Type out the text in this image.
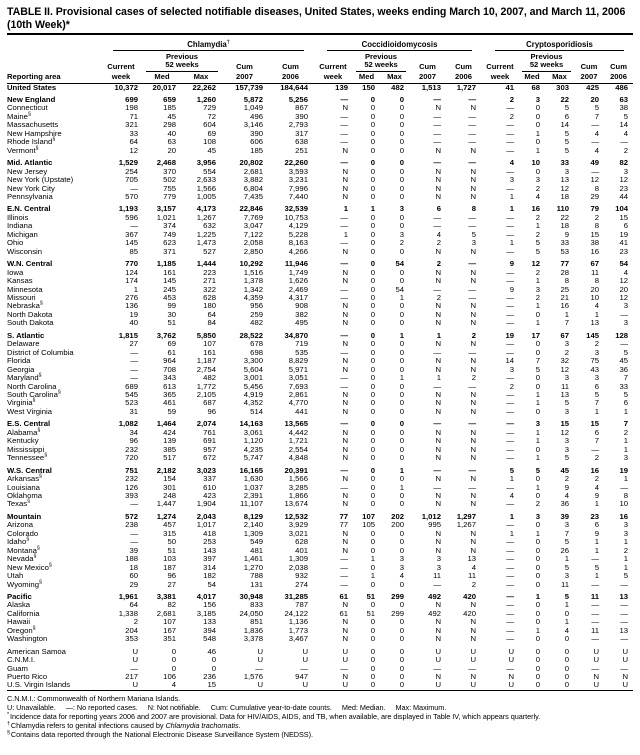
TABLE II. Provisional cases of selected notifiable diseases, United States, weeks ending March 10, 2007, and March 11, 2006
(10th Week)*

	Chlamydia†					Coccidioidomycosis					Cryptosporidiosis				

		Previous					Previous					Previous			
	Current	52 weeks		Cum	Cum	Current	52 weeks		Cum	Cum	Current	52 weeks		Cum	Cum
Reporting area	week	Med	Max	2007	2006	week	Med	Max	2007	2006	week	Med	Max	2007	2006
United States	10,372	20,017	22,262	157,739	184,644	139	150	482	1,513	1,727	41	68	303	425	486

New England	699	659	1,260	5,872	5,256	—	0	0	—	—	2	3	22	20	63
Connecticut	198	185	729	1,049	867	N	0	0	N	N	—	0	5	5	38
Maine§	71	45	72	496	390	—	0	0	—	—	2	0	6	7	5
Massachusetts	321	298	604	3,146	2,793	—	0	0	—	—	—	0	14	—	14
New Hampshire	33	40	69	390	317	—	0	0	—	—	—	1	5	4	4
Rhode Island§	64	63	108	606	638	—	0	0	—	—	—	0	5	—	—
Vermont§	12	20	45	185	251	N	0	0	N	N	—	1	5	4	2

Mid. Atlantic	1,529	2,468	3,956	20,802	22,260	—	0	0	—	—	4	10	33	49	82
New Jersey	254	370	554	2,681	3,593	N	0	0	N	N	—	0	3	—	3
New York (Upstate)	705	502	2,633	3,882	3,231	N	0	0	N	N	3	3	13	12	12
New York City	—	755	1,566	6,804	7,996	N	0	0	N	N	—	2	12	8	23
Pennsylvania	570	779	1,005	7,435	7,440	N	0	0	N	N	1	4	18	29	44

E.N. Central	1,193	3,157	4,173	22,846	32,539	1	1	3	6	8	1	16	110	79	104
Illinois	596	1,021	1,267	7,769	10,753	—	0	0	—	—	—	2	22	2	15
Indiana	—	374	632	3,047	4,129	—	0	0	—	—	—	1	18	8	6
Michigan	367	749	1,225	7,122	5,228	1	0	3	4	5	—	2	9	15	19
Ohio	145	623	1,473	2,058	8,163	—	0	2	2	3	1	5	33	38	41
Wisconsin	85	371	527	2,850	4,266	N	0	0	N	N	—	5	53	16	23

W.N. Central	770	1,185	1,444	10,292	11,946	—	0	54	2	—	9	12	77	67	54
Iowa	124	161	223	1,516	1,749	N	0	0	N	N	—	2	28	11	4
Kansas	174	145	271	1,378	1,626	N	0	0	N	N	—	1	8	8	12
Minnesota	1	245	322	1,342	2,469	—	0	54	—	—	9	3	25	20	20
Missouri	276	453	628	4,359	4,317	—	0	1	2	—	—	2	21	10	12
Nebraska§	136	99	180	956	908	N	0	0	N	N	—	1	16	4	3
North Dakota	19	30	64	259	382	N	0	0	N	N	—	0	1	1	—
South Dakota	40	51	84	482	495	N	0	0	N	N	—	1	7	13	3

S. Atlantic	1,815	3,762	5,850	28,522	34,870	—	0	1	1	2	19	17	67	145	128
Delaware	27	69	107	678	719	N	0	0	N	N	—	0	3	2	—
District of Columbia	—	61	161	698	535	—	0	0	—	—	—	0	2	3	5
Florida	—	964	1,187	3,300	8,829	N	0	0	N	N	14	7	32	75	45
Georgia	—	708	2,754	5,604	5,971	N	0	0	N	N	3	5	12	43	36
Maryland§	—	343	482	3,001	3,051	—	0	1	1	2	—	0	3	3	7
North Carolina	689	613	1,772	5,456	7,693	—	0	0	—	—	2	0	11	6	33
South Carolina§	545	365	2,105	4,919	2,861	N	0	0	N	N	—	1	13	5	5
Virginia§	523	461	687	4,352	4,770	N	0	0	N	N	—	1	5	7	6
West Virginia	31	59	96	514	441	N	0	0	N	N	—	0	3	1	1

E.S. Central	1,082	1,464	2,074	14,163	13,565	—	0	0	—	—	—	3	15	15	7
Alabama§	34	424	761	3,061	4,442	N	0	0	N	N	—	1	12	6	2
Kentucky	96	139	691	1,120	1,721	N	0	0	N	N	—	1	3	7	1
Mississippi	232	385	957	4,235	2,554	N	0	0	N	N	—	0	3	—	1
Tennessee§	720	517	672	5,747	4,848	N	0	0	N	N	—	1	5	2	3

W.S. Central	751	2,182	3,023	16,165	20,391	—	0	1	—	—	5	5	45	16	19
Arkansas§	232	154	337	1,630	1,566	N	0	0	N	N	1	0	2	2	1
Louisiana	126	301	610	1,037	3,285	—	0	1	—	—	—	1	9	4	—
Oklahoma	393	248	423	2,391	1,866	N	0	0	N	N	4	0	4	9	8
Texas§	—	1,447	1,904	11,107	13,674	N	0	0	N	N	—	2	36	1	10

Mountain	572	1,274	2,043	8,129	12,532	77	107	202	1,012	1,297	1	3	39	23	16
Arizona	238	457	1,017	2,140	3,929	77	105	200	995	1,267	—	0	3	6	3
Colorado	—	315	418	1,309	3,021	N	0	0	N	N	1	1	7	9	3
Idaho§	—	50	253	549	628	N	0	0	N	N	—	0	5	1	1
Montana§	39	51	143	481	401	N	0	0	N	N	—	0	26	1	2
Nevada§	188	103	397	1,461	1,309	—	1	3	3	13	—	0	1	—	1
New Mexico§	18	187	314	1,270	2,038	—	0	3	3	4	—	0	5	5	1
Utah	60	96	182	788	932	—	1	4	11	11	—	0	3	1	5
Wyoming§	29	27	54	131	274	—	0	0	—	2	—	0	11	—	—

Pacific	1,961	3,381	4,017	30,948	31,285	61	51	299	492	420	—	1	5	11	13
Alaska	64	82	156	833	787	N	0	0	N	N	—	0	1	—	—
California	1,338	2,681	3,185	24,050	24,122	61	51	299	492	420	—	0	0	—	—
Hawaii	2	107	133	851	1,136	N	0	0	N	N	—	0	1	—	—
Oregon§	204	167	394	1,836	1,773	N	0	0	N	N	—	1	4	11	13
Washington	353	351	548	3,378	3,467	N	0	0	N	N	—	0	0	—	—

American Samoa	U	0	46	U	U	U	0	0	U	U	U	0	0	U	U
C.N.M.I.	U	0	0	U	U	U	0	0	U	U	U	0	0	U	U
Guam	—	0	0	—	—	—	0	0	—	—	—	0	0	—	—
Puerto Rico	217	106	236	1,576	947	N	0	0	N	N	N	0	0	N	N
U.S. Virgin Islands	U	4	15	U	U	U	0	0	U	U	U	0	0	U	U
C.N.M.I.: Commonwealth of Northern Mariana Islands.
U: Unavailable. —: No reported cases. N: Not notifiable. Cum: Cumulative year-to-date counts. Med: Median. Max: Maximum.
*Incidence data for reporting years 2006 and 2007 are provisional. Data for HIV/AIDS, AIDS, and TB, when available, are displayed in Table IV, which appears quarterly.
†Chlamydia refers to genital infections caused by Chlamydia trachomatis.
§Contains data reported through the National Electronic Disease Surveillance System (NEDSS).
